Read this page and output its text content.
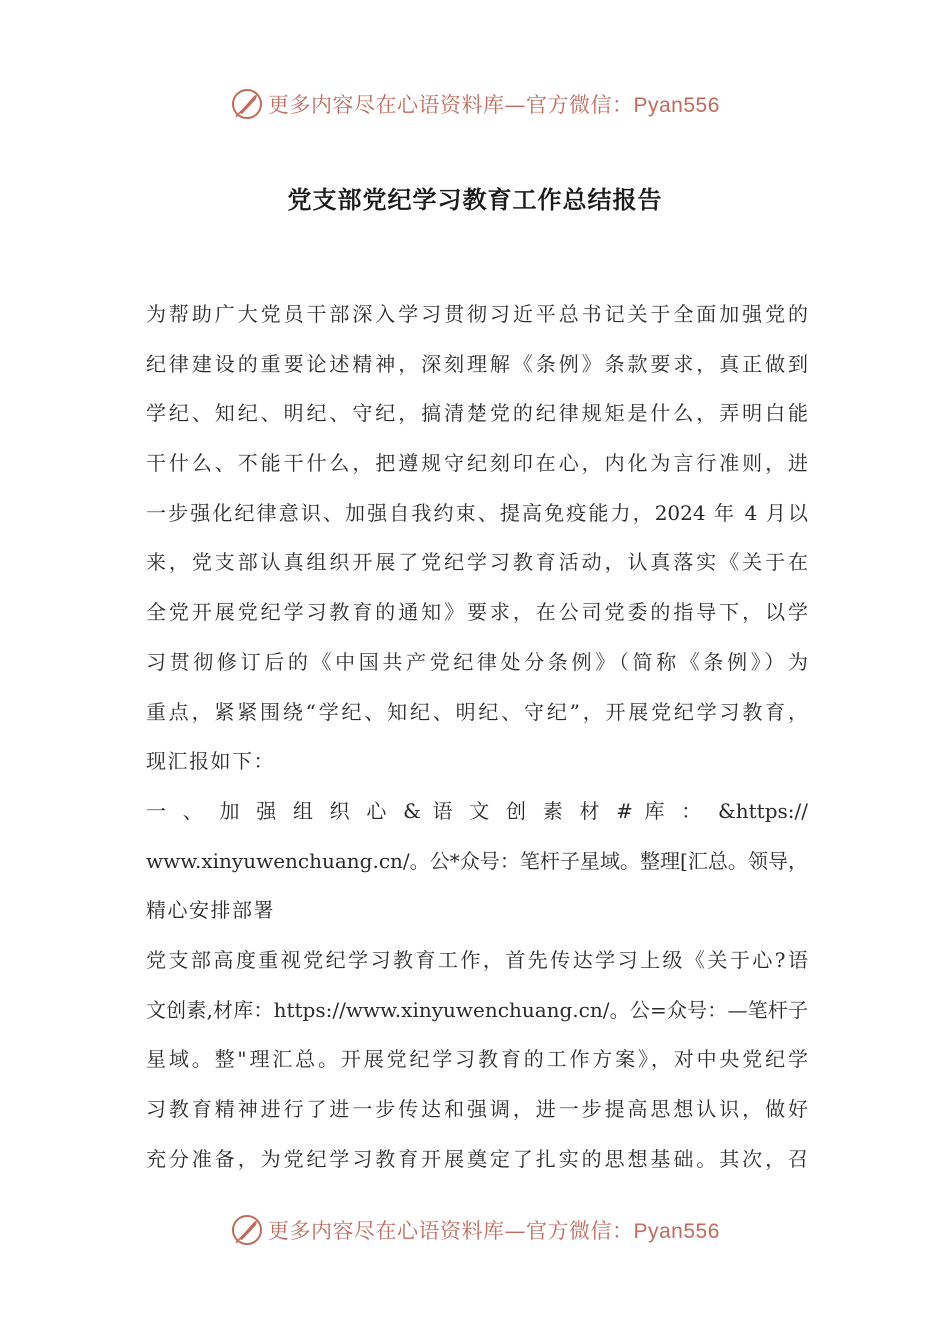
更多内容尽在心语资料库—官方微信：Pyan556
党支部党纪学习教育工作总结报告
为帮助广大党员干部深入学习贯彻习近平总书记关于全面加强党的
纪律建设的重要论述精神，深刻理解《条例》条款要求，真正做到
学纪、知纪、明纪、守纪，搞清楚党的纪律规矩是什么，弄明白能
干什么、不能干什么，把遵规守纪刻印在心，内化为言行准则，进
一步强化纪律意识、加强自我约束、提高免疫能力，2024 年 4 月以
来，党支部认真组织开展了党纪学习教育活动，认真落实《关于在
全党开展党纪学习教育的通知》要求，在公司党委的指导下，以学
习贯彻修订后的《中国共产党纪律处分条例》（简称《条例》）为
重点，紧紧围绕“学纪、知纪、明纪、守纪”，开展党纪学习教育，
现汇报如下：
一 、 加 强 组 织 心 & 语 文 创 素 材 # 库 ： &https://
www.xinyuwenchuang.cn/。公*众号：笔杆子星域。整理[汇总。领导，
精心安排部署
党支部高度重视党纪学习教育工作，首先传达学习上级《关于心?语
文创素,材库：https://www.xinyuwenchuang.cn/。公=众号：—笔杆子
星域。整"理汇总。开展党纪学习教育的工作方案》，对中央党纪学
习教育精神进行了进一步传达和强调，进一步提高思想认识，做好
充分准备，为党纪学习教育开展奠定了扎实的思想基础。其次，召
更多内容尽在心语资料库—官方微信：Pyan556
